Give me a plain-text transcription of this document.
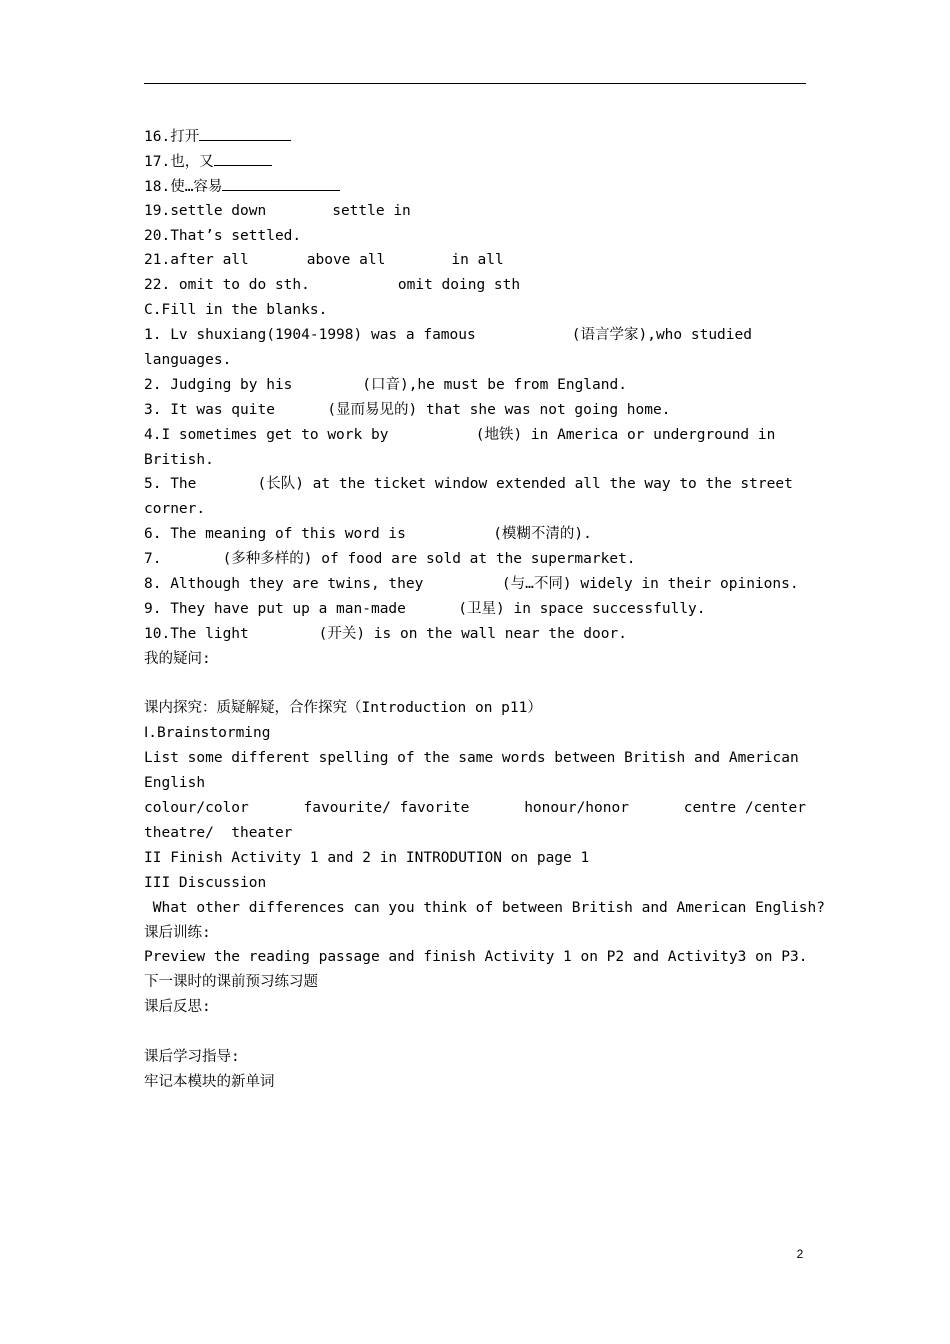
16.打开
17.也，又
18.使…容易
19.settle down	settle in
20.That’s settled.
21.after all	above all	in all
22. omit to do sth.	omit doing sth
C.Fill in the blanks.
1. Lv shuxiang(1904-1998) was a famous           (语言学家),who studied
languages.
2. Judging by his        (口音),he must be from England.
3. It was quite      (显而易见的) that she was not going home.
4.I sometimes get to work by          (地铁) in America or underground in
British.
5. The       (长队) at the ticket window extended all the way to the street
corner.
6. The meaning of this word is          (模糊不清的).
7.       (多种多样的) of food are sold at the supermarket.
8. Although they are twins, they         (与…不同) widely in their opinions.
9. They have put up a man-made      (卫星) in space successfully.
10.The light        (开关) is on the wall near the door.
我的疑问:
课内探究：质疑解疑，合作探究（Introduction on p11）
Ⅰ.Brainstorming
List some different spelling of the same words between British and American
English
colour/color	favourite/ favorite	honour/honor	centre /center
theatre/  theater
II Finish Activity 1 and 2 in INTRODUTION on page 1
III Discussion
What other differences can you think of between British and American English?
课后训练:
Preview the reading passage and finish Activity 1 on P2 and Activity3 on P3.
下一课时的课前预习练习题
课后反思:
课后学习指导:
牢记本模块的新单词
2
